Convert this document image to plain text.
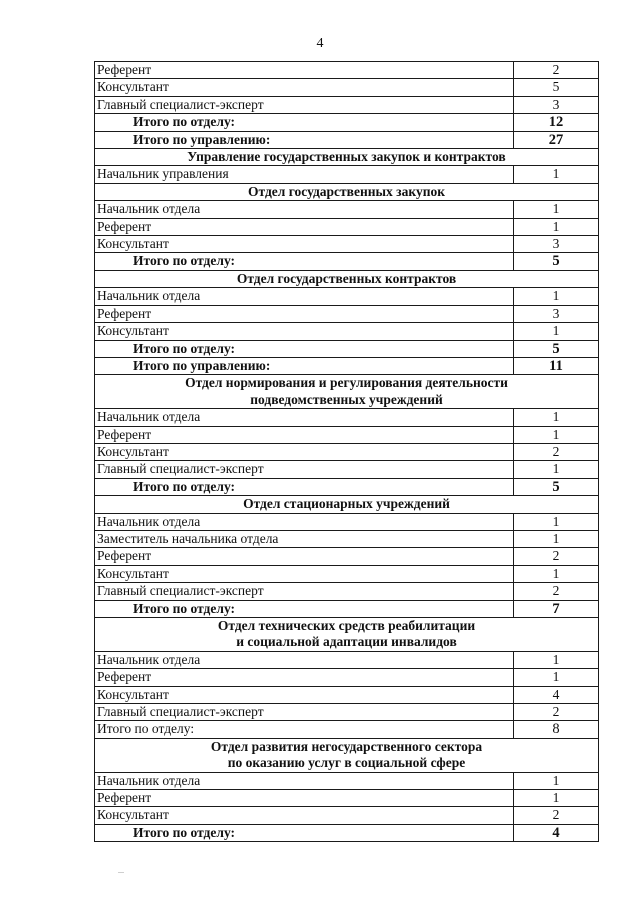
4
Референт	2
Консультант	5
Главный специалист-эксперт	3
Итого по отделу:	12
Итого по управлению:	27

Управление государственных закупок и контрактов	

Начальник управления	1

Отдел государственных закупок	

Начальник отдела	1
Референт	1
Консультант	3
Итого по отделу:	5

Отдел государственных контрактов	

Начальник отдела	1
Референт	3
Консультант	1
Итого по отделу:	5
Итого по управлению:	11

Отдел нормирования и регулирования деятельности
подведомственных учреждений	

Начальник отдела	1
Референт	1
Консультант	2
Главный специалист-эксперт	1
Итого по отделу:	5

Отдел стационарных учреждений	

Начальник отдела	1
Заместитель начальника отдела	1
Референт	2
Консультант	1
Главный специалист-эксперт	2
Итого по отделу:	7

Отдел технических средств реабилитации
и социальной адаптации инвалидов	

Начальник отдела	1
Референт	1
Консультант	4
Главный специалист-эксперт	2
Итого по отделу:	8

Отдел развития негосударственного сектора
по оказанию услуг в социальной сфере	

Начальник отдела	1
Референт	1
Консультант	2
Итого по отделу:	4
